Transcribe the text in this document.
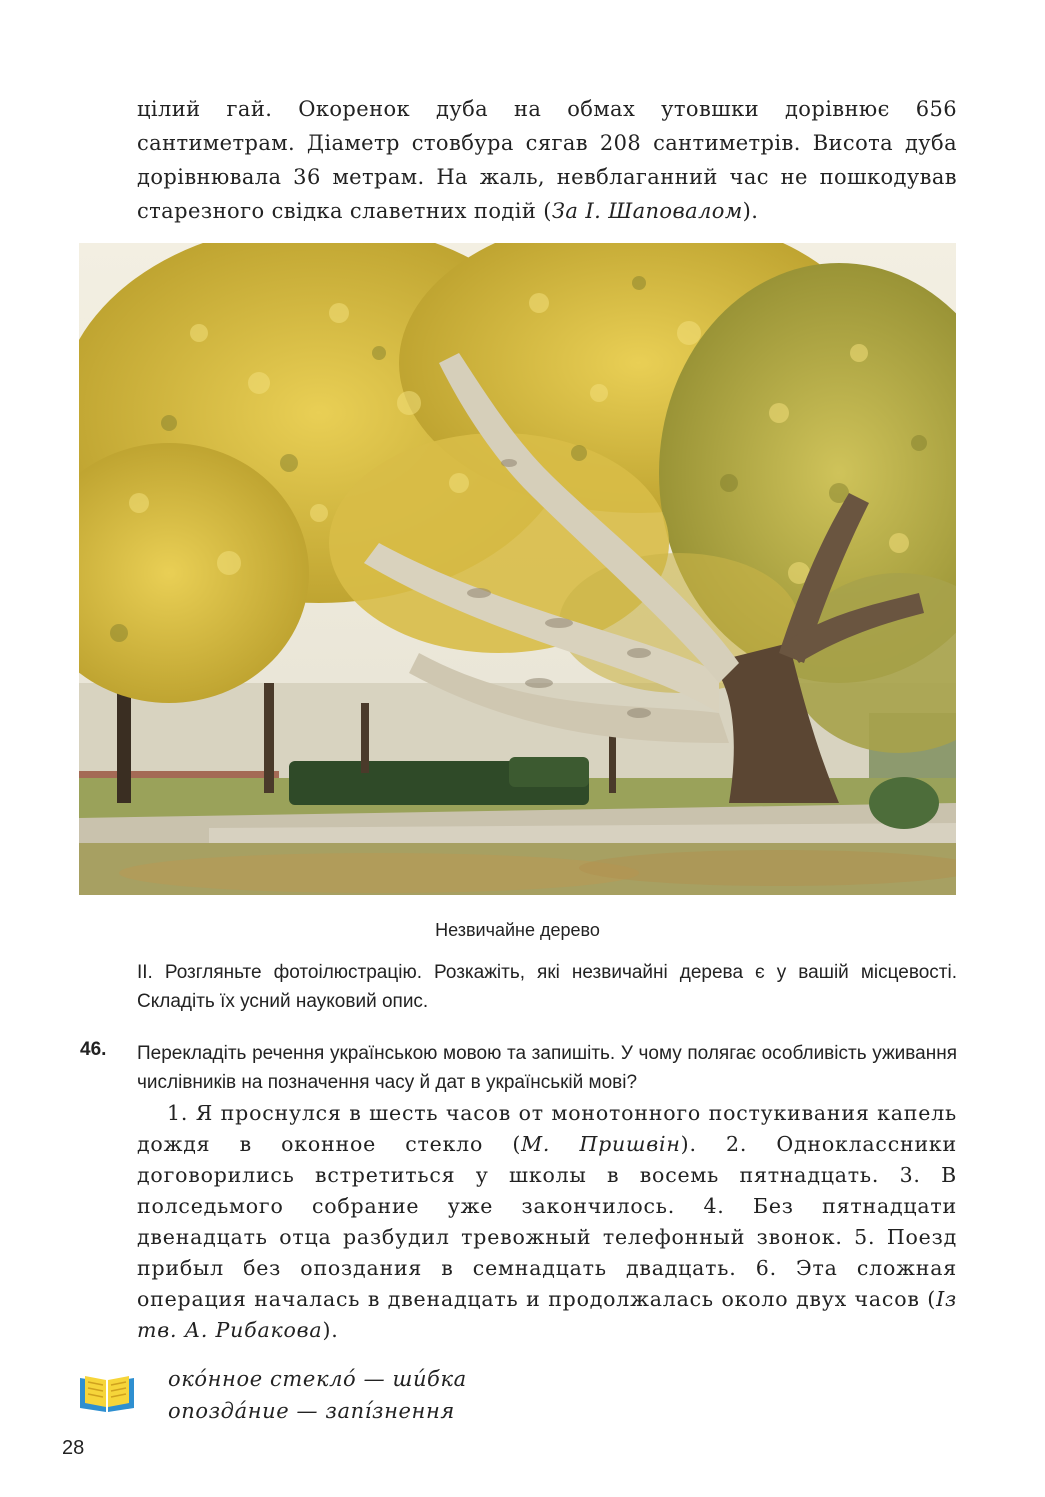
цілий гай. Окоренок дуба на обмах утовшки дорівнює 656 сантиметрам. Діаметр стовбура сягав 208 сантиметрів. Висота дуба дорівнювала 36 метрам. На жаль, невблаганний час не пошкодував старезного свідка славетних подій (За І. Шаповалом).
Незвичайне дерево
ІІ. Розгляньте фотоілюстрацію. Розкажіть, які незвичайні дерева є у вашій місцевості. Складіть їх усний науковий опис.
46. Перекладіть речення українською мовою та запишіть. У чому полягає особливість уживання числівників на позначення часу й дат в українській мові?
1. Я проснулся в шесть часов от монотонного постукивания капель дождя в оконное стекло (М. Пришвін). 2. Одноклассники договорились встретиться у школы в восемь пятнадцать. 3. В полседьмого собрание уже закончилось. 4. Без пятнадцати двенадцать отца разбудил тревожный телефонный звонок. 5. Поезд прибыл без опоздания в семнадцать двадцать. 6. Эта сложная операция началась в двенадцать и продолжалась около двух часов (Із тв. А. Рибакова).
око́нное стекло́ — ши́бка
опозда́ние — запі́знення
28
